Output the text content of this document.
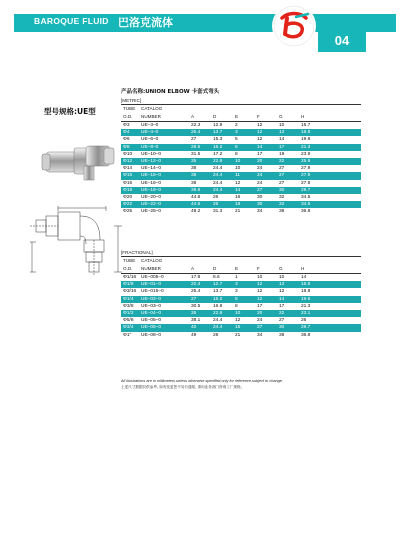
BAROQUE FLUID 巴洛克流体
04
产品名称:UNION ELBOW 卡套式弯头
型号规格:UE型
[METRIC]
TUBE	CATALOG
O.D.	NUMBER	A	D	E	F	G	H
Φ3	UE–3–0	22.3	12.9	2	12	10	15.7
Φ4	UE–4–0	25.4	13.7	3	12	12	18.8
Φ6	UE–6–0	27	15.3	5	12	14	19.6
Φ8	UE–8–0	28.6	16.2	6	14	17	21.3
Φ10	UE–10–0	31.5	17.2	8	17	19	23.9
Φ12	UE–12–0	35	22.8	10	20	22	25.9
Φ14	UE–14–0	38	24.4	10	24	27	27.9
Φ15	UE–15–0	38	24.4	11	24	27	27.9
Φ16	UE–16–0	38	24.4	12	24	27	27.9
Φ18	UE–18–0	39.8	24.4	14	27	30	29.7
Φ20	UE–20–0	44.6	26	16	30	32	34.5
Φ22	UE–22–0	44.6	26	18	30	32	34.5
Φ25	UE–25–0	49.2	31.3	21	34	38	36.8
[FRACTIONAL]
TUBE	CATALOG
O.D.	NUMBER	A	D	E	F	G	H
Φ1/16	UE–005–0	17.8	8.6	1	10	10	14
Φ1/8	UE–01–0	22.4	12.7	3	12	12	15.8
Φ3/16	UE–015–0	25.4	13.7	3	12	12	18.8
Φ1/4	UE–02–0	27	15.2	5	12	14	19.6
Φ3/8	UE–03–0	30.5	16.8	8	17	17	21.3
Φ1/2	UE–04–0	35	22.8	10	20	22	23.1
Φ5/8	UE–05–0	38.1	24.4	12	24	27	26
Φ3/4	UE–06–0	40	24.4	15	27	30	29.7
Φ1"	UE–08–0	49	26	21	34	38	36.8
All illustrations are in millimeters unless otherwise specified,only for reference,subject to change.
上述尺寸数据仅供参考, 如有变更恕不另行通知, 请向业务部门咨询工厂规格。
